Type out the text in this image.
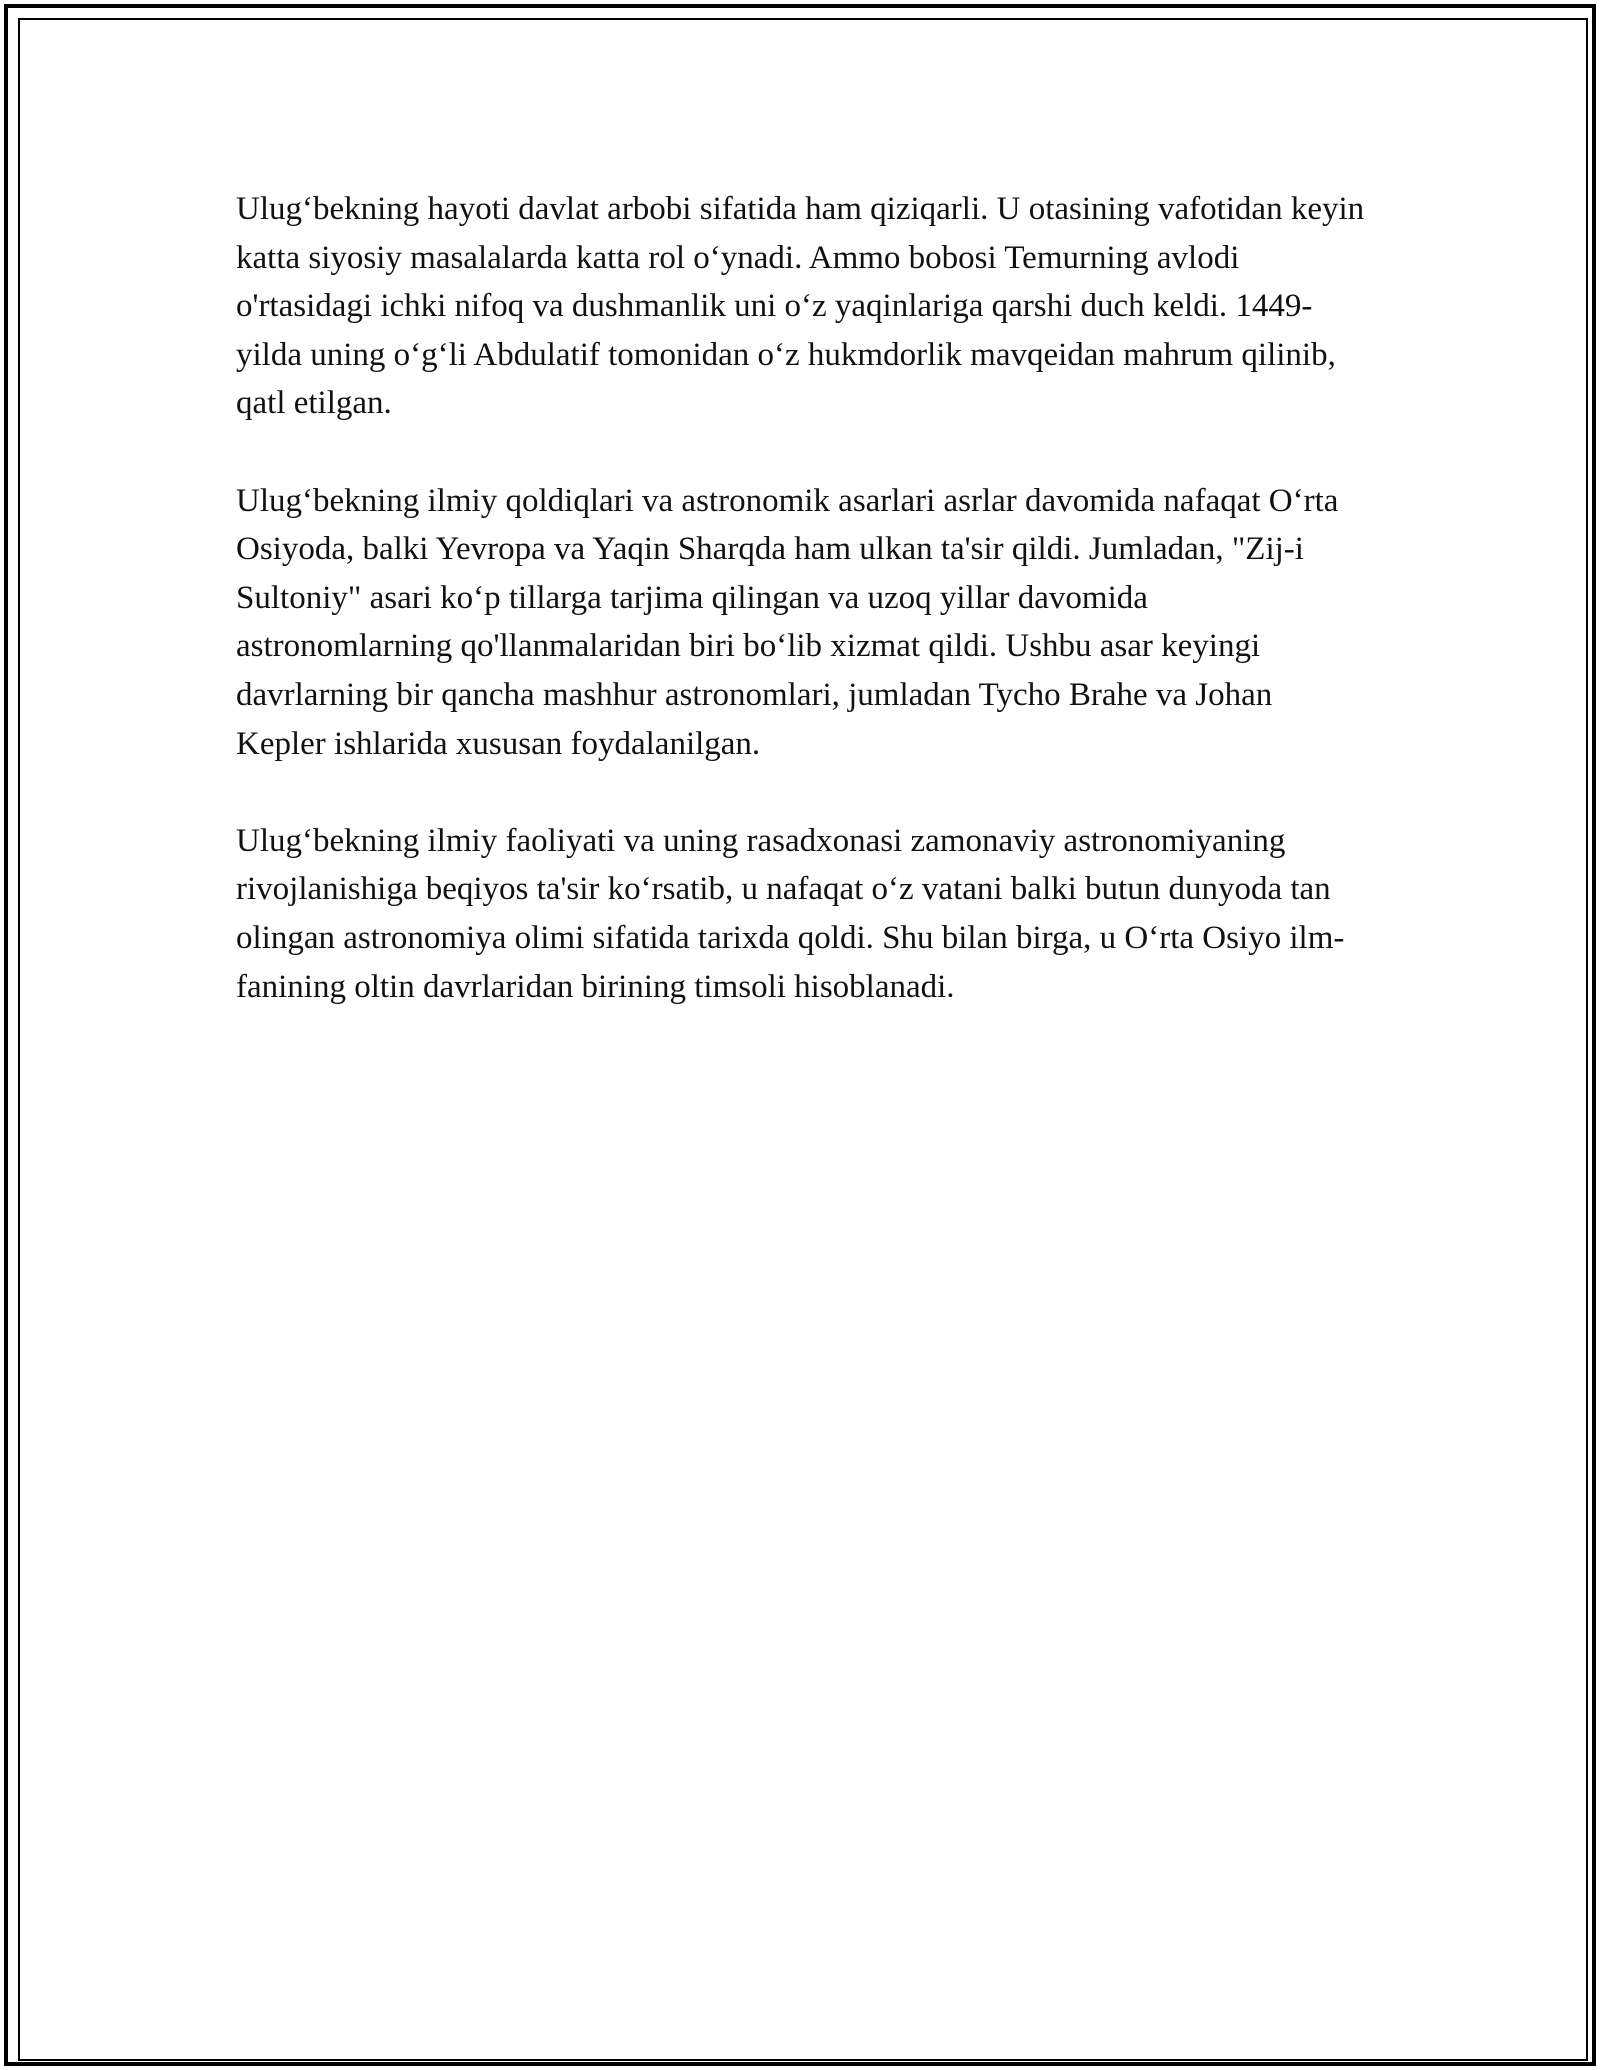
Ulug‘bekning hayoti davlat arbobi sifatida ham qiziqarli. U otasining vafotidan keyin katta siyosiy masalalarda katta rol o‘ynadi. Ammo bobosi Temurning avlodi o'rtasidagi ichki nifoq va dushmanlik uni o‘z yaqinlariga qarshi duch keldi. 1449-yilda uning o‘g‘li Abdulatif tomonidan o‘z hukmdorlik mavqeidan mahrum qilinib, qatl etilgan.

Ulug‘bekning ilmiy qoldiqlari va astronomik asarlari asrlar davomida nafaqat O‘rta Osiyoda, balki Yevropa va Yaqin Sharqda ham ulkan ta'sir qildi. Jumladan, "Zij-i Sultoniy" asari ko‘p tillarga tarjima qilingan va uzoq yillar davomida astronomlarning qo'llanmalaridan biri bo‘lib xizmat qildi. Ushbu asar keyingi davrlarning bir qancha mashhur astronomlari, jumladan Tycho Brahe va Johan Kepler ishlarida xususan foydalanilgan.

Ulug‘bekning ilmiy faoliyati va uning rasadxonasi zamonaviy astronomiyaning rivojlanishiga beqiyos ta'sir ko‘rsatib, u nafaqat o‘z vatani balki butun dunyoda tan olingan astronomiya olimi sifatida tarixda qoldi. Shu bilan birga, u O‘rta Osiyo ilm-fanining oltin davrlaridan birining timsoli hisoblanadi.
